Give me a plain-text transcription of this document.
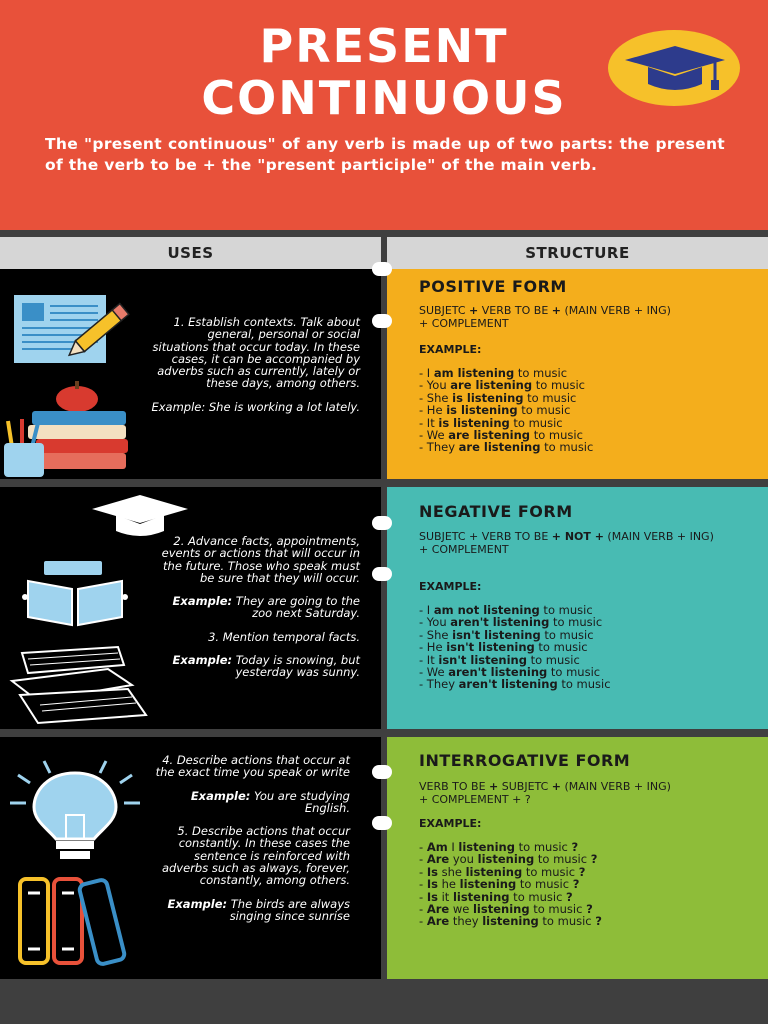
PRESENT
CONTINUOUS
The "present continuous" of any verb is made up of two parts: the present of the verb to be + the "present participle" of the main verb.
USES	STRUCTURE

1. Establish contexts. Talk about general, personal or social situations that occur today. In these cases, it can be accompanied by adverbs such as currently, lately or these days, among others.

Example: She is working a lot lately.

POSITIVE FORM
SUBJETC + VERB TO BE + (MAIN VERB + ING)
+ COMPLEMENT
EXAMPLE:
- I am listening to music
- You are listening to music
- She is listening to music
- He is listening to music
- It is listening to music
- We are listening to music
- They are listening to music

2. Advance facts, appointments, events or actions that will occur in the future. Those who speak must be sure that they will occur.

Example: They are going to the zoo next Saturday.

3. Mention temporal facts.

Example: Today is snowing, but yesterday was sunny.

NEGATIVE FORM
SUBJETC + VERB TO BE + NOT + (MAIN VERB + ING)
+ COMPLEMENT
EXAMPLE:
- I am not listening to music
- You aren't listening to music
- She isn't listening to music
- He isn't listening to music
- It isn't listening to music
- We aren't listening to music
- They aren't listening to music

4. Describe actions that occur at the exact time you speak or write

Example: You are studying English.

5. Describe actions that occur constantly. In these cases the sentence is reinforced with adverbs such as always, forever, constantly, among others.

Example: The birds are always singing since sunrise

INTERROGATIVE FORM
VERB TO BE + SUBJETC + (MAIN VERB + ING)
+ COMPLEMENT + ?
EXAMPLE:
- Am I listening to music ?
- Are you listening to music ?
- Is she listening to music ?
- Is he listening to music ?
- Is it listening to music ?
- Are we listening to music ?
- Are they listening to music ?
